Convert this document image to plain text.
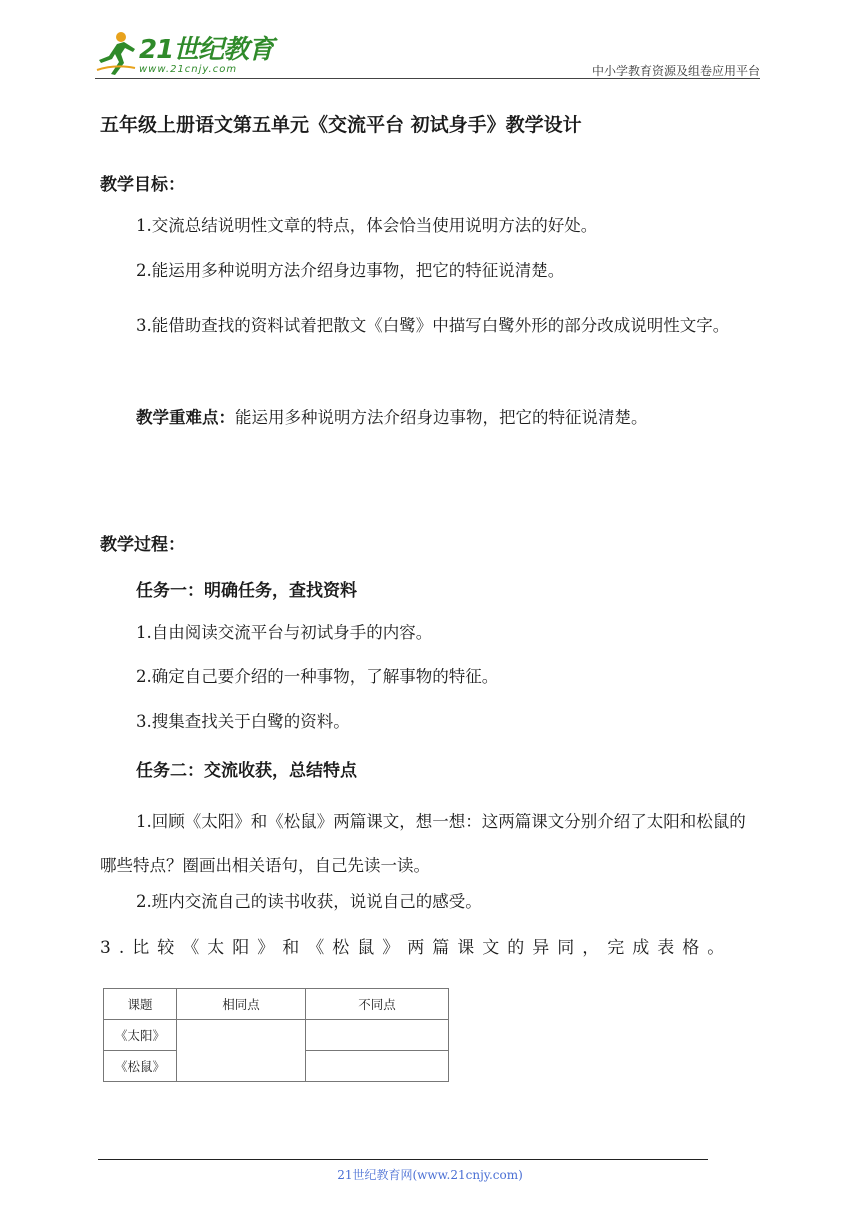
21世纪教育
www.21cnjy.com	中小学教育资源及组卷应用平台
五年级上册语文第五单元《交流平台 初试身手》教学设计
教学目标：
1.交流总结说明性文章的特点，体会恰当使用说明方法的好处。
2.能运用多种说明方法介绍身边事物，把它的特征说清楚。
3.能借助查找的资料试着把散文《白鹭》中描写白鹭外形的部分改成说明性文字。
教学重难点：能运用多种说明方法介绍身边事物，把它的特征说清楚。
教学过程：
任务一：明确任务，查找资料
1.自由阅读交流平台与初试身手的内容。
2.确定自己要介绍的一种事物，了解事物的特征。
3.搜集查找关于白鹭的资料。
任务二：交流收获，总结特点
1.回顾《太阳》和《松鼠》两篇课文，想一想：这两篇课文分别介绍了太阳和松鼠的哪些特点？圈画出相关语句，自己先读一读。
2.班内交流自己的读书收获，说说自己的感受。
3.比较《太阳》和《松鼠》两篇课文的异同，完成表格。
课题	相同点	不同点
《太阳》		
《松鼠》		
21世纪教育网(www.21cnjy.com)
